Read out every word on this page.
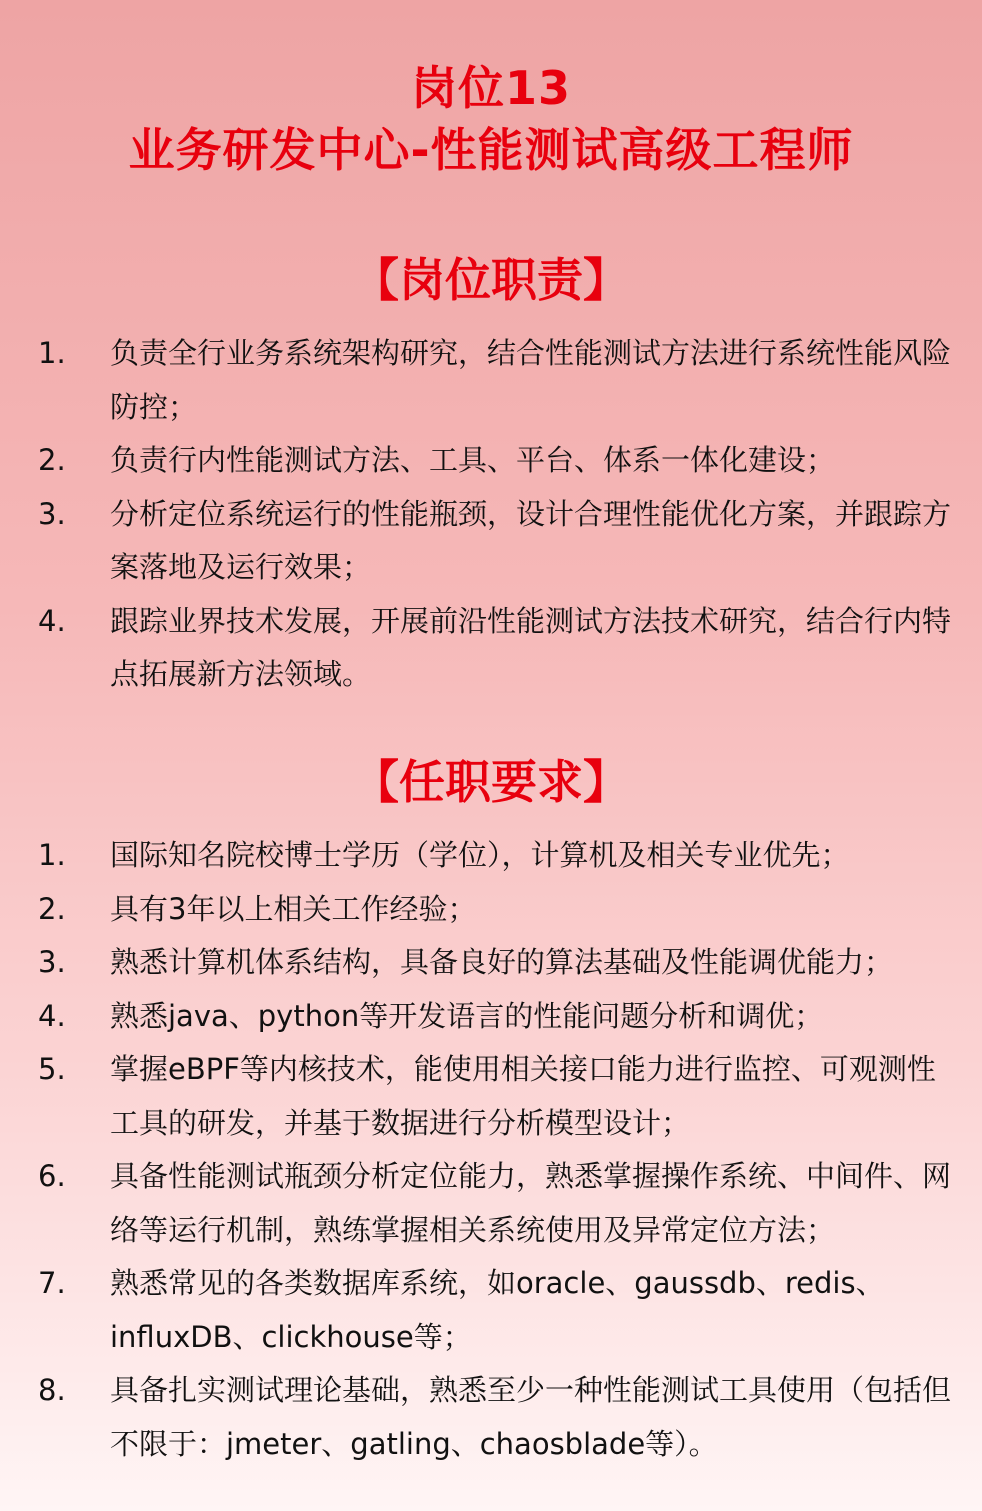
岗位13
业务研发中心-性能测试高级工程师
【岗位职责】
1.	负责全行业务系统架构研究，结合性能测试方法进行系统性能风险防控；
2.	负责行内性能测试方法、工具、平台、体系一体化建设；
3.	分析定位系统运行的性能瓶颈，设计合理性能优化方案，并跟踪方案落地及运行效果；
4.	跟踪业界技术发展，开展前沿性能测试方法技术研究，结合行内特点拓展新方法领域。
【任职要求】
1.	国际知名院校博士学历（学位），计算机及相关专业优先；
2.	具有3年以上相关工作经验；
3.	熟悉计算机体系结构，具备良好的算法基础及性能调优能力；
4.	熟悉java、python等开发语言的性能问题分析和调优；
5.	掌握eBPF等内核技术，能使用相关接口能力进行监控、可观测性工具的研发，并基于数据进行分析模型设计；
6.	具备性能测试瓶颈分析定位能力，熟悉掌握操作系统、中间件、网络等运行机制，熟练掌握相关系统使用及异常定位方法；
7.	熟悉常见的各类数据库系统，如oracle、gaussdb、redis、influxDB、clickhouse等；
8.	具备扎实测试理论基础，熟悉至少一种性能测试工具使用（包括但不限于：jmeter、gatling、chaosblade等）。
